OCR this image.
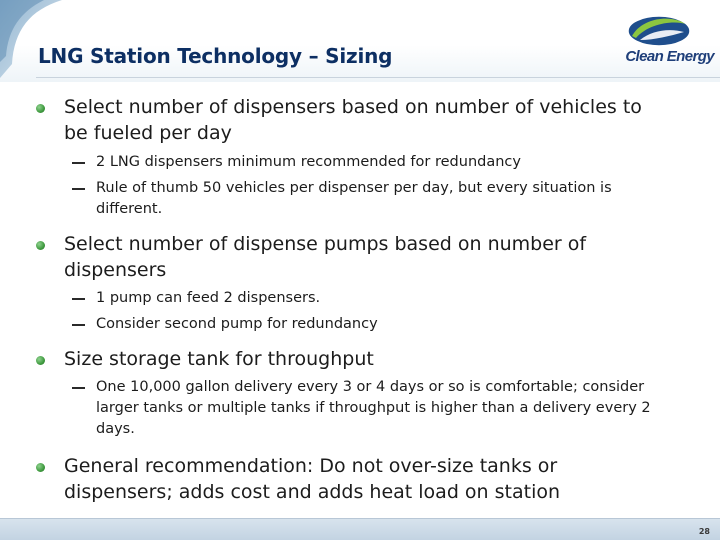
LNG Station Technology – Sizing	Clean Energy
Select number of dispensers based on number of vehicles to be fueled per day
2 LNG dispensers minimum recommended for redundancy
Rule of thumb 50 vehicles per dispenser per day, but every situation is different.
Select number of dispense pumps based on number of dispensers
1 pump can feed 2 dispensers.
Consider second pump for redundancy
Size storage tank for throughput
One 10,000 gallon delivery every 3 or 4 days or so is comfortable; consider larger tanks or multiple tanks if throughput is higher than a delivery every 2 days.
General recommendation: Do not over-size tanks or dispensers; adds cost and adds heat load on station
28
